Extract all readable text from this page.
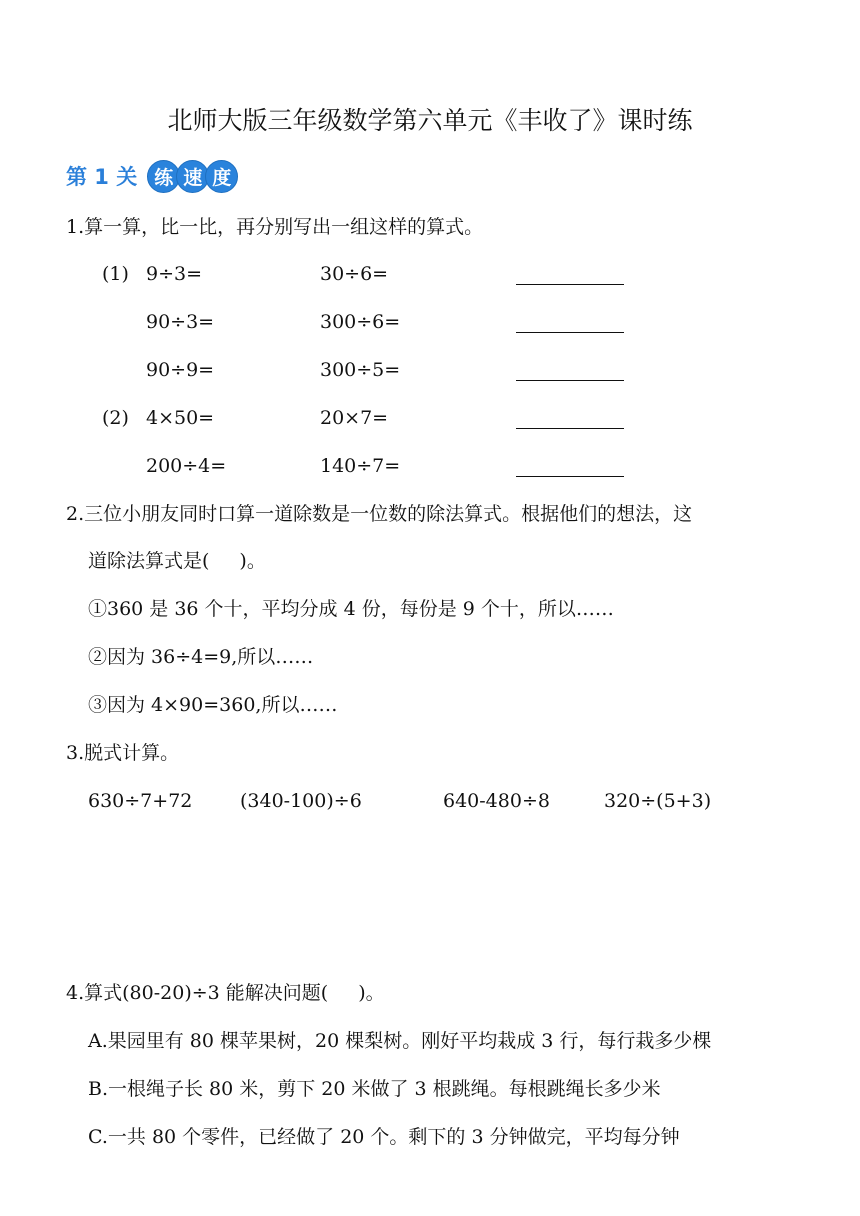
北师大版三年级数学第六单元《丰收了》课时练
第 1 关 练 速 度
1.算一算，比一比，再分别写出一组这样的算式。
(1) 9÷3=	30÷6=
90÷3=	300÷6=
90÷9=	300÷5=
(2) 4×50=	20×7=
200÷4=	140÷7=
2.三位小朋友同时口算一道除数是一位数的除法算式。根据他们的想法，这
道除法算式是( )。
①360 是 36 个十，平均分成 4 份，每份是 9 个十，所以……
②因为 36÷4=9,所以……
③因为 4×90=360,所以……
3.脱式计算。
630÷7+72	(340-100)÷6	640-480÷8	320÷(5+3)
4.算式(80-20)÷3 能解决问题( )。
A.果园里有 80 棵苹果树，20 棵梨树。刚好平均栽成 3 行，每行栽多少棵
B.一根绳子长 80 米，剪下 20 米做了 3 根跳绳。每根跳绳长多少米
C.一共 80 个零件，已经做了 20 个。剩下的 3 分钟做完，平均每分钟
